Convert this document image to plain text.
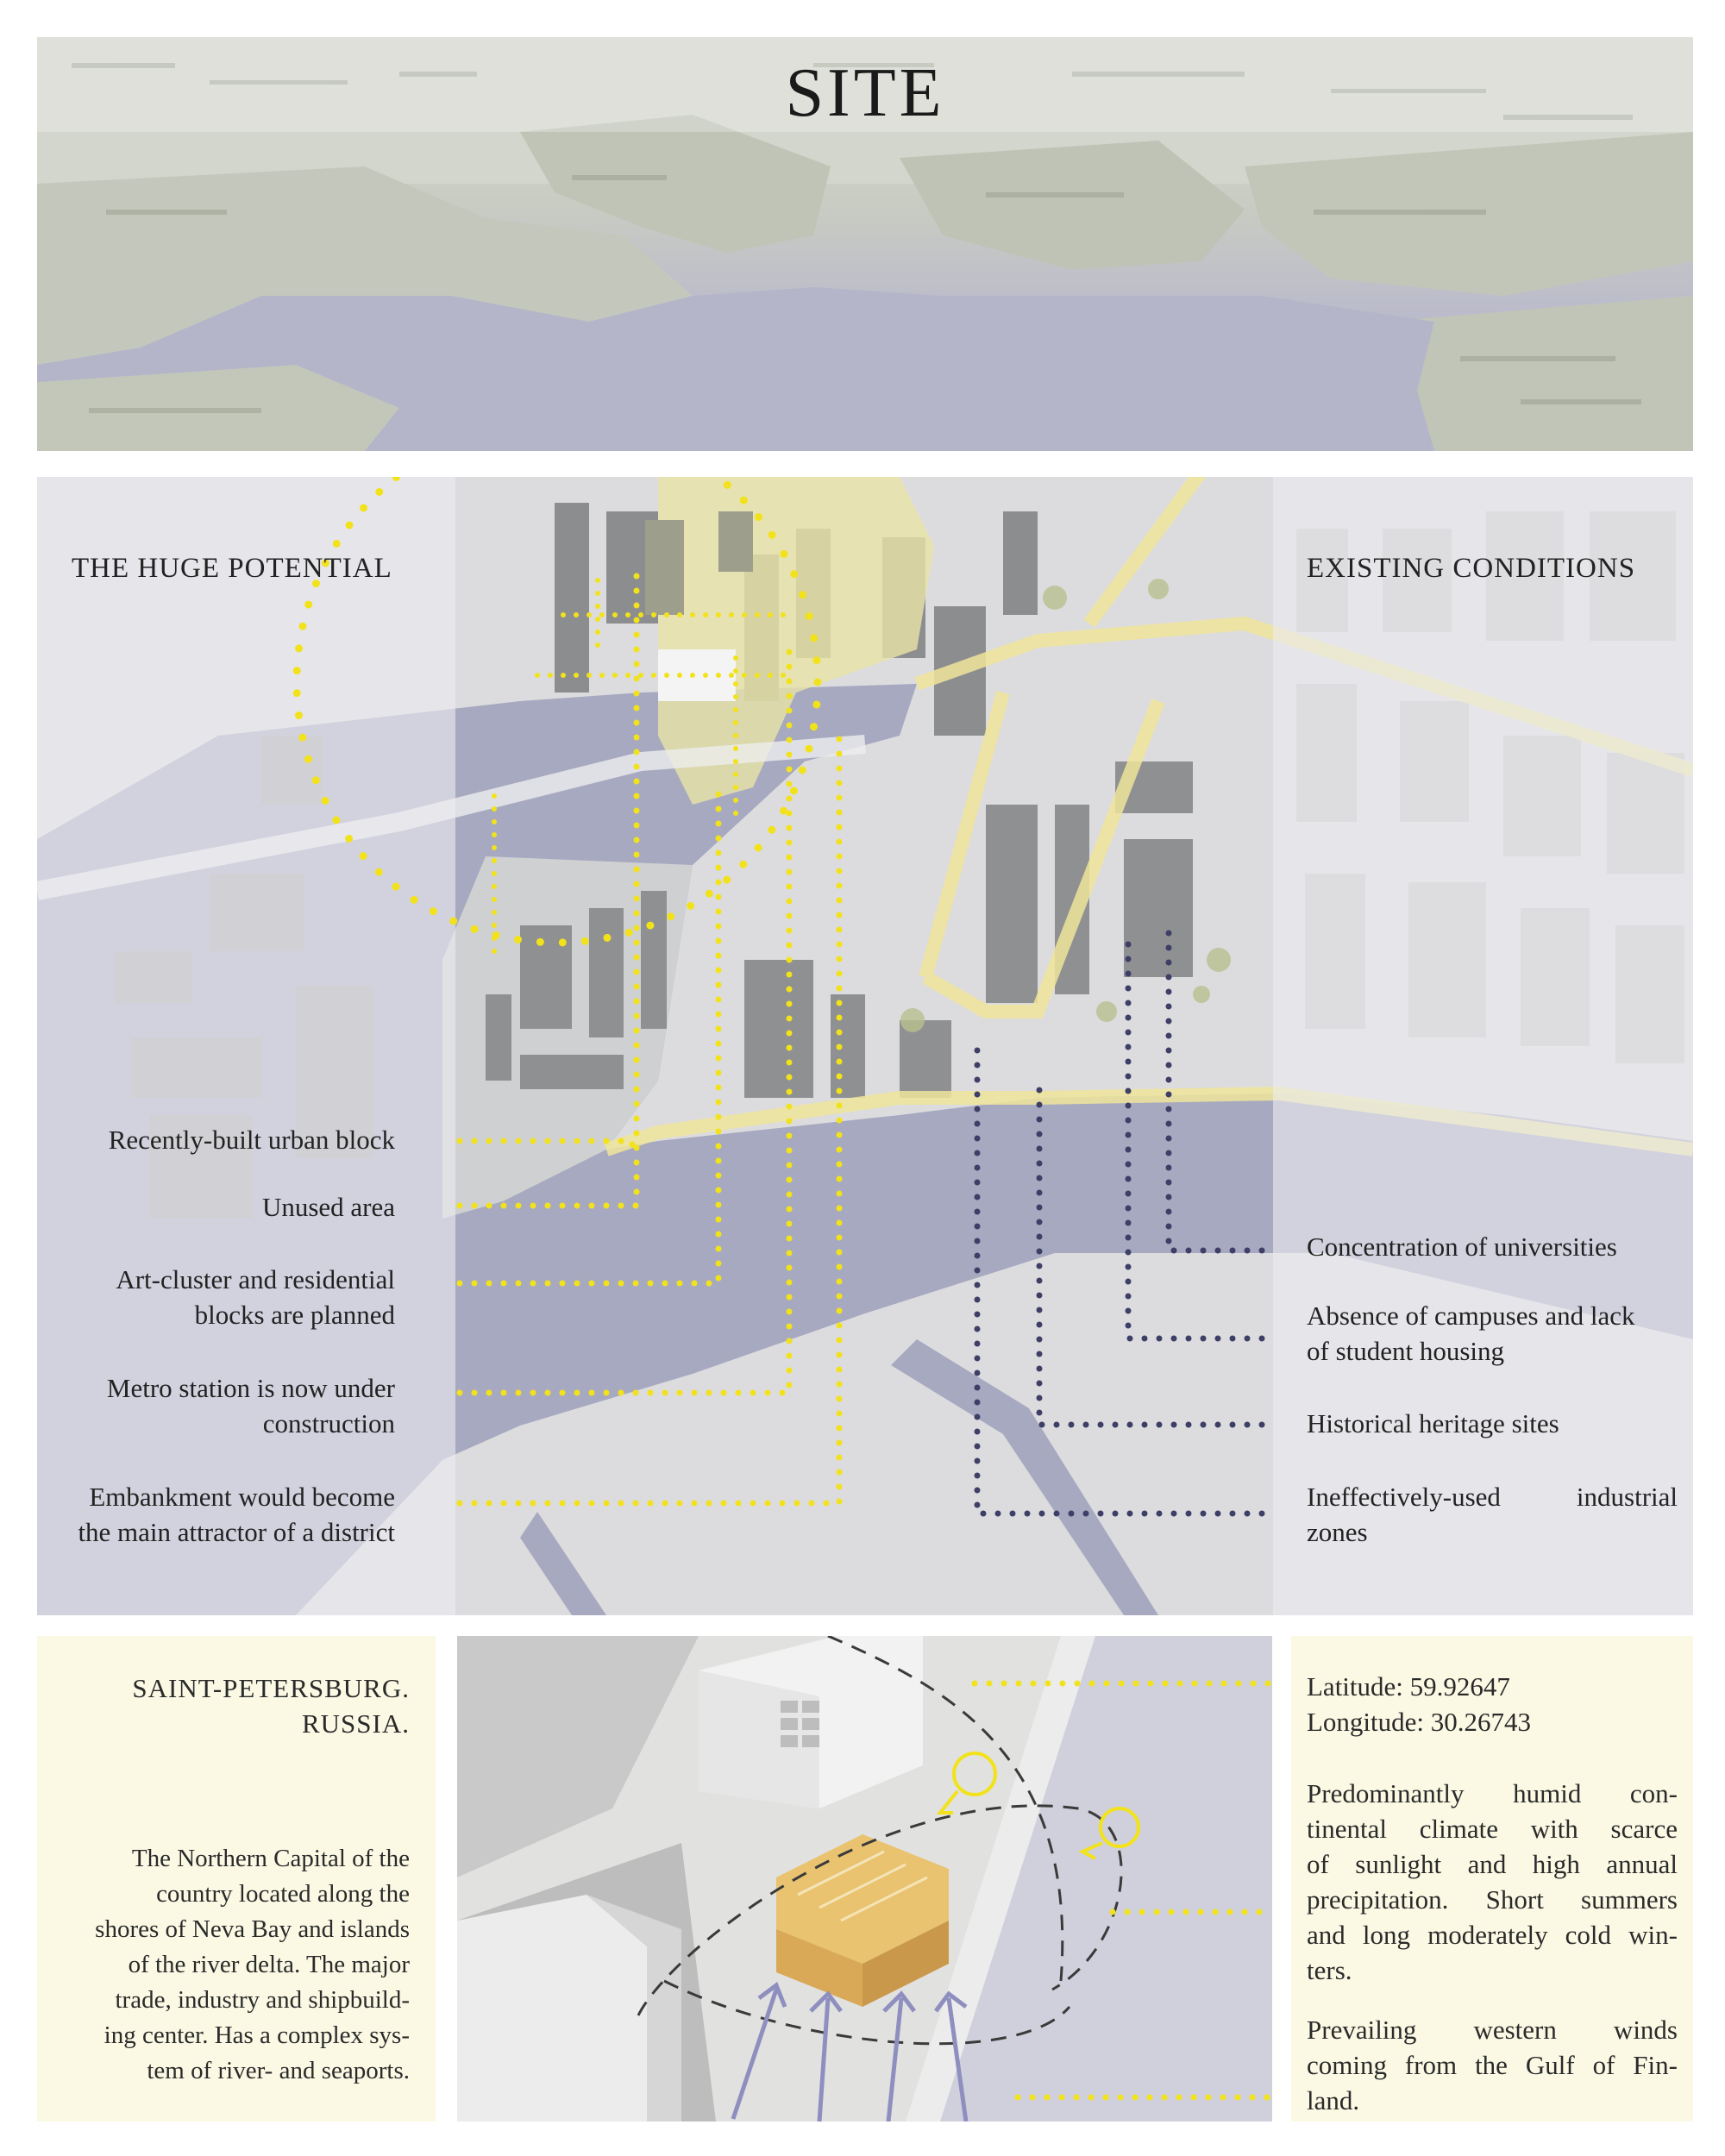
SITE
THE HUGE POTENTIAL	EXISTING CONDITIONS
Recently-built urban block
Unused area
Art-cluster and residential
blocks are planned
Metro station is now under
construction
Embankment would become
the main attractor of a district
Concentration of universities
Absence of campuses and lack
of student housing
Historical heritage sites
Ineffectively-used industrial
zones
SAINT-PETERSBURG.
RUSSIA.
The Northern Capital of the
country located along the
shores of Neva Bay and islands
of the river delta. The major
trade, industry and shipbuild-
ing center. Has a complex sys-
tem of river- and seaports.
Latitude: 59.92647
Longitude: 30.26743
Predominantly humid con-
tinental climate with scarce
of sunlight and high annual
precipitation. Short summers
and long moderately cold win-
ters.
Prevailing western winds
coming from the Gulf of Fin-
land.
